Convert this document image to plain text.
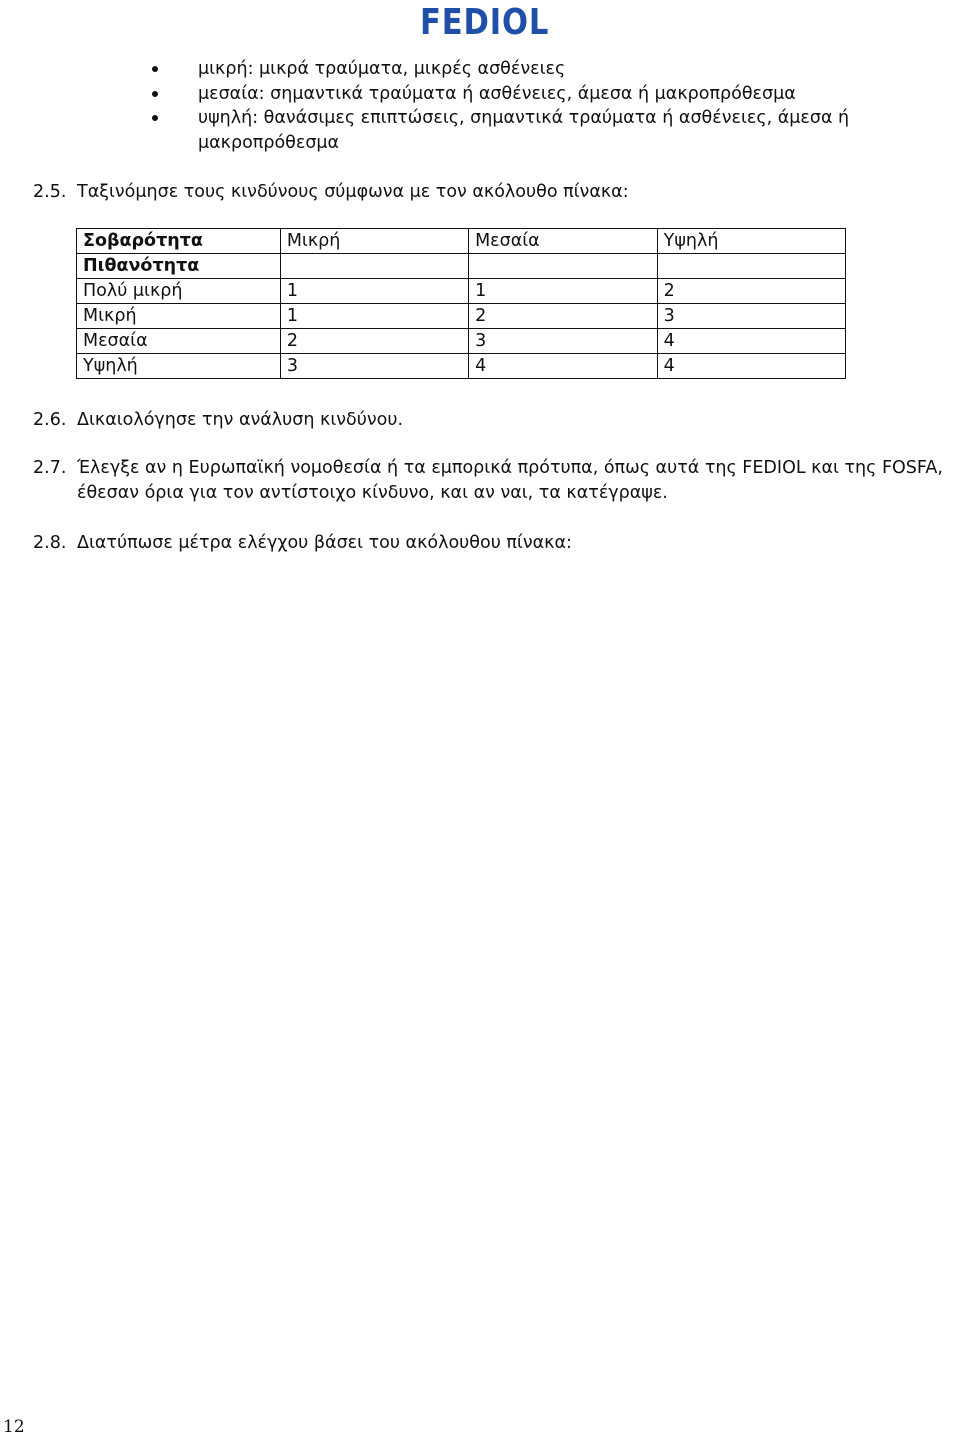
FEDIOL
μικρή: μικρά τραύματα, μικρές ασθένειες
μεσαία: σημαντικά τραύματα ή ασθένειες, άμεσα ή μακροπρόθεσμα
υψηλή: θανάσιμες επιπτώσεις, σημαντικά τραύματα ή ασθένειες, άμεσα ή μακροπρόθεσμα
2.5. Ταξινόμησε τους κινδύνους σύμφωνα με τον ακόλουθο πίνακα:
Σοβαρότητα	Μικρή	Μεσαία	Υψηλή
Πιθανότητα			
Πολύ μικρή	1	1	2
Μικρή	1	2	3
Μεσαία	2	3	4
Υψηλή	3	4	4
2.6. Δικαιολόγησε την ανάλυση κινδύνου.
2.7. Έλεγξε αν η Ευρωπαϊκή νομοθεσία ή τα εμπορικά πρότυπα, όπως αυτά της FEDIOL και της FOSFA, έθεσαν όρια για τον αντίστοιχο κίνδυνο, και αν ναι, τα κατέγραψε.
2.8. Διατύπωσε μέτρα ελέγχου βάσει του ακόλουθου πίνακα:
12
